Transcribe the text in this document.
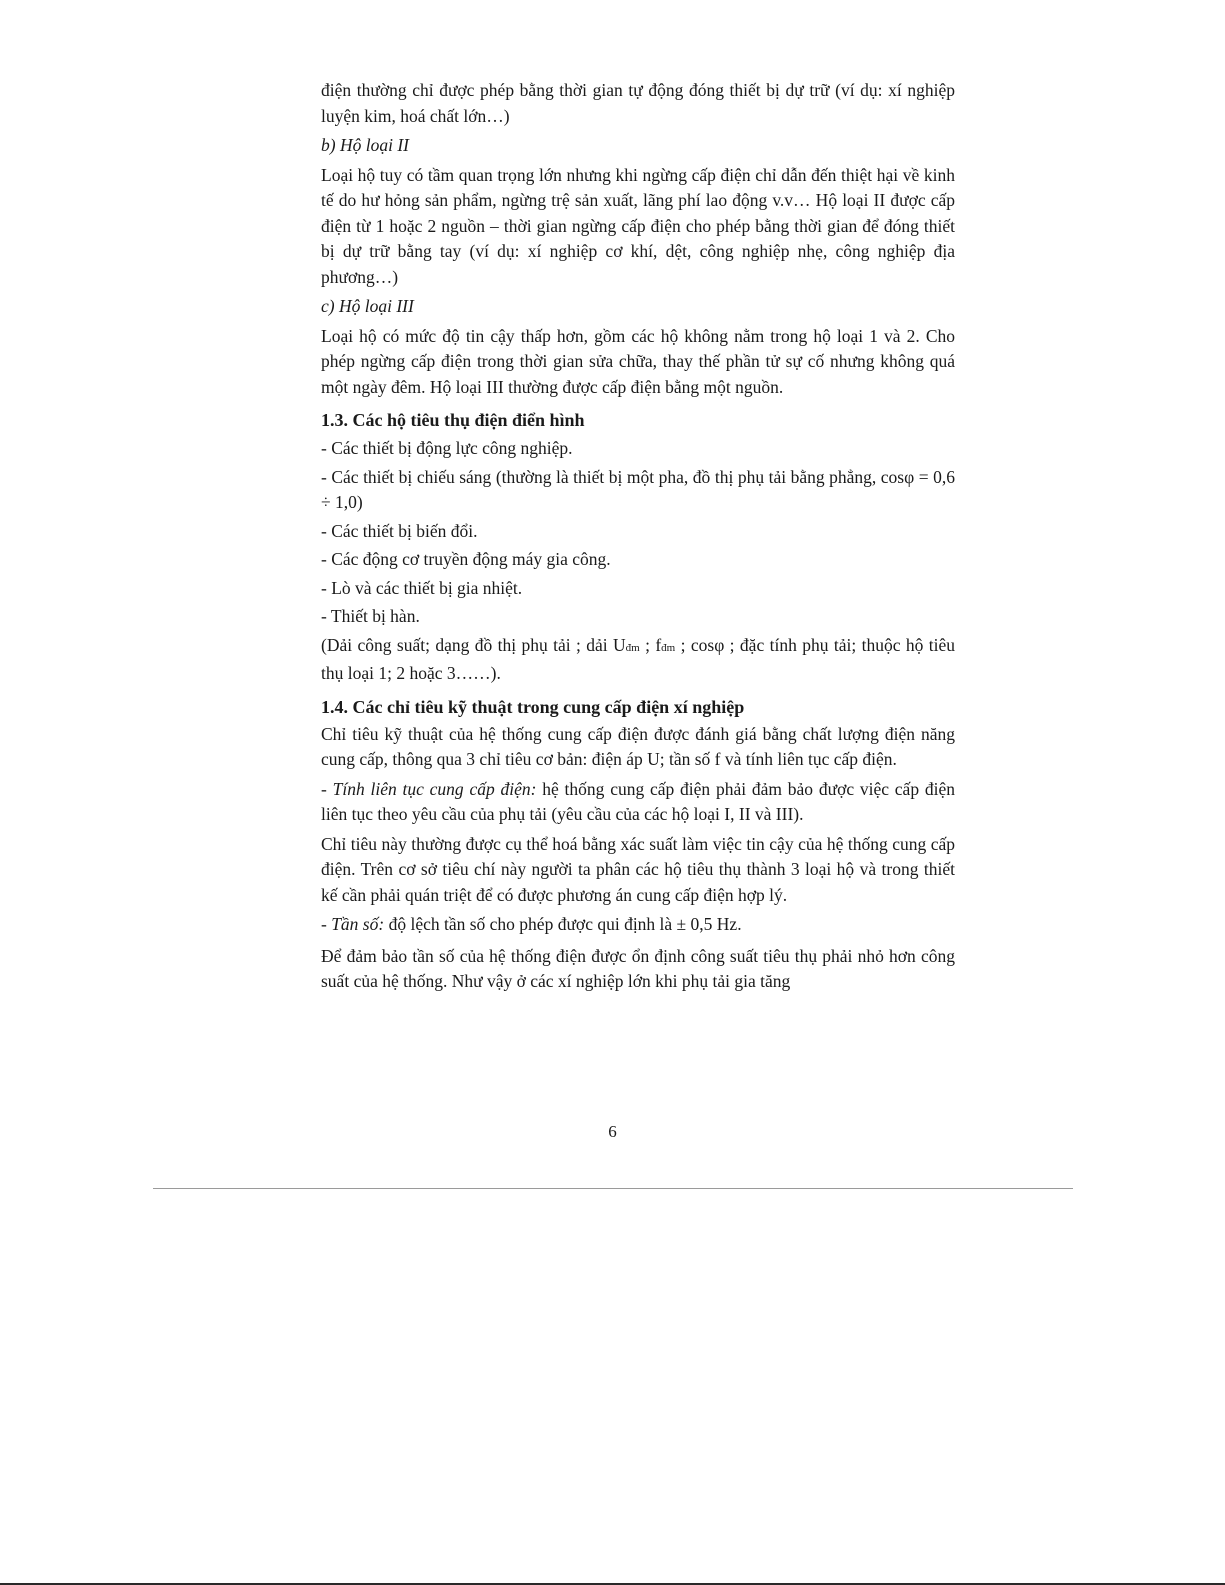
điện thường chỉ được phép bằng thời gian tự động đóng thiết bị dự trữ (ví dụ: xí nghiệp luyện kim, hoá chất lớn…)

b) Hộ loại II

Loại hộ tuy có tầm quan trọng lớn nhưng khi ngừng cấp điện chỉ dẫn đến thiệt hại về kinh tế do hư hỏng sản phẩm, ngừng trệ sản xuất, lãng phí lao động v.v… Hộ loại II được cấp điện từ 1 hoặc 2 nguồn – thời gian ngừng cấp điện cho phép bằng thời gian để đóng thiết bị dự trữ bằng tay (ví dụ: xí nghiệp cơ khí, dệt, công nghiệp nhẹ, công nghiệp địa phương…)

c) Hộ loại III

Loại hộ có mức độ tin cậy thấp hơn, gồm các hộ không nằm trong hộ loại 1 và 2. Cho phép ngừng cấp điện trong thời gian sửa chữa, thay thế phần tử sự cố nhưng không quá một ngày đêm. Hộ loại III thường được cấp điện bằng một nguồn.

1.3. Các hộ tiêu thụ điện điển hình

- Các thiết bị động lực công nghiệp.

- Các thiết bị chiếu sáng (thường là thiết bị một pha, đồ thị phụ tải bằng phẳng, cosφ = 0,6 ÷ 1,0)

- Các thiết bị biến đổi.

- Các động cơ truyền động máy gia công.

- Lò và các thiết bị gia nhiệt.

- Thiết bị hàn.

(Dải công suất; dạng đồ thị phụ tải ; dải Uđm ; fđm ; cosφ ; đặc tính phụ tải; thuộc hộ tiêu thụ loại 1; 2 hoặc 3……).

1.4. Các chỉ tiêu kỹ thuật trong cung cấp điện xí nghiệp

Chỉ tiêu kỹ thuật của hệ thống cung cấp điện được đánh giá bằng chất lượng điện năng cung cấp, thông qua 3 chỉ tiêu cơ bản: điện áp U; tần số f và tính liên tục cấp điện.

- Tính liên tục cung cấp điện: hệ thống cung cấp điện phải đảm bảo được việc cấp điện liên tục theo yêu cầu của phụ tải (yêu cầu của các hộ loại I, II và III).

Chỉ tiêu này thường được cụ thể hoá bằng xác suất làm việc tin cậy của hệ thống cung cấp điện. Trên cơ sở tiêu chí này người ta phân các hộ tiêu thụ thành 3 loại hộ và trong thiết kế cần phải quán triệt để có được phương án cung cấp điện hợp lý.

- Tần số: độ lệch tần số cho phép được qui định là ± 0,5 Hz.

Để đảm bảo tần số của hệ thống điện được ổn định công suất tiêu thụ phải nhỏ hơn công suất của hệ thống. Như vậy ở các xí nghiệp lớn khi phụ tải gia tăng

6
